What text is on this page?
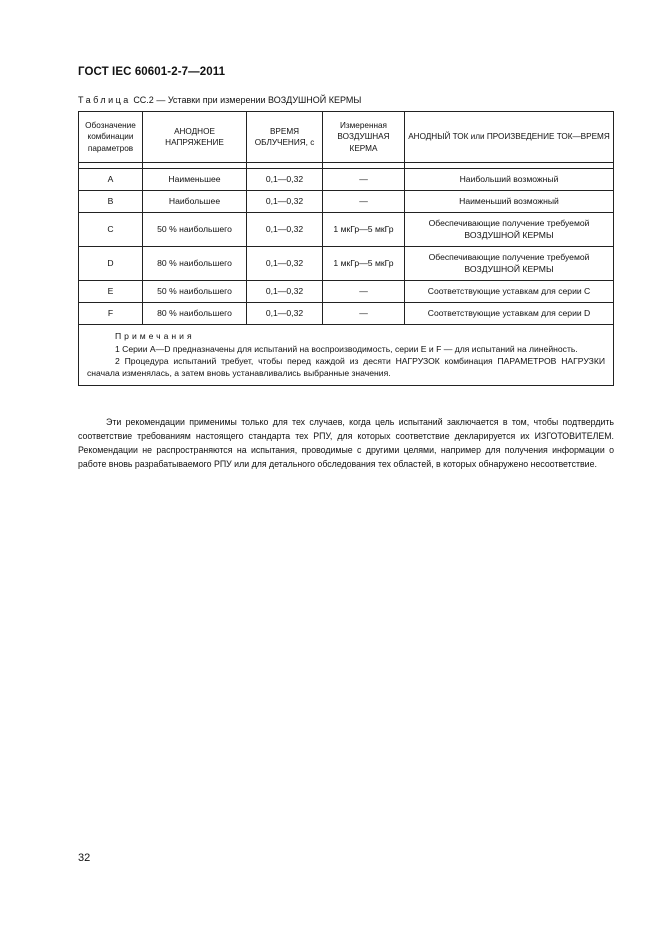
ГОСТ IEC 60601-2-7—2011
Таблица CC.2 — Уставки при измерении ВОЗДУШНОЙ КЕРМЫ
Обозначение комбинации параметров	АНОДНОЕ НАПРЯЖЕНИЕ	ВРЕМЯ ОБЛУЧЕНИЯ, с	Измеренная ВОЗДУШНАЯ КЕРМА	АНОДНЫЙ ТОК или ПРОИЗВЕДЕНИЕ ТОК—ВРЕМЯ

A	Наименьшее	0,1—0,32	—	Наибольший возможный
B	Наибольшее	0,1—0,32	—	Наименьший возможный
C	50 % наибольшего	0,1—0,32	1 мкГр—5 мкГр	Обеспечивающие получение требуемой ВОЗДУШНОЙ КЕРМЫ
D	80 % наибольшего	0,1—0,32	1 мкГр—5 мкГр	Обеспечивающие получение требуемой ВОЗДУШНОЙ КЕРМЫ
E	50 % наибольшего	0,1—0,32	—	Соответствующие уставкам для серии C
F	80 % наибольшего	0,1—0,32	—	Соответствующие уставкам для серии D

Примечания
1 Серии A—D предназначены для испытаний на воспроизводимость, серии E и F — для испытаний на линейность.
2 Процедура испытаний требует, чтобы перед каждой из десяти НАГРУЗОК комбинация ПАРАМЕТРОВ НАГРУЗКИ сначала изменялась, а затем вновь устанавливались выбранные значения.				

Эти рекомендации применимы только для тех случаев, когда цель испытаний заключается в том, чтобы подтвердить соответствие требованиям настоящего стандарта тех РПУ, для которых соответствие декларируется их ИЗГОТОВИТЕЛЕМ. Рекомендации не распространяются на испытания, проводимые с другими целями, например для получения информации о работе вновь разрабатываемого РПУ или для детального обследования тех областей, в которых обнаружено несоответствие.

32
